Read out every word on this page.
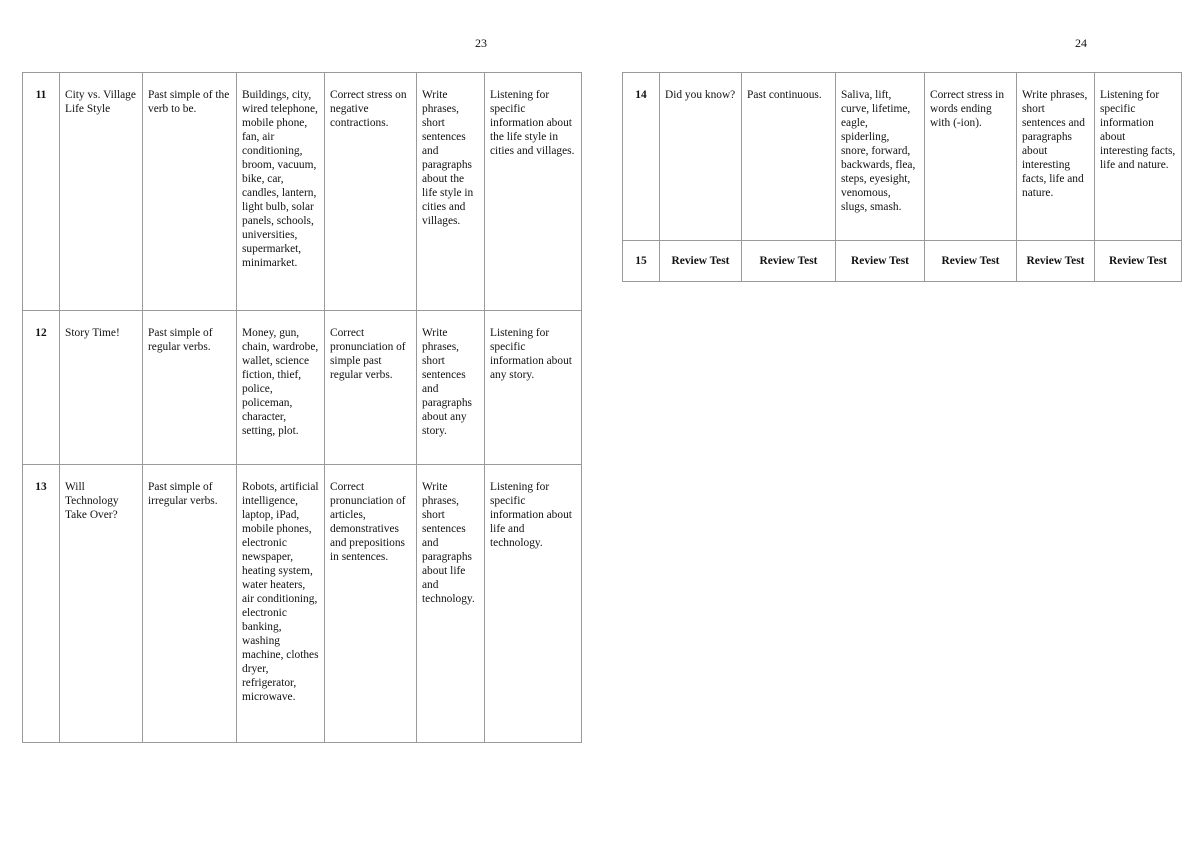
23	24
11	City vs. Village Life Style	Past simple of the verb to be.	Buildings, city, wired telephone, mobile phone, fan, air conditioning, broom, vacuum, bike, car, candles, lantern, light bulb, solar panels, schools, universities, supermarket, minimarket.	Correct stress on negative contractions.	Write phrases, short sentences and paragraphs about the life style in cities and villages.	Listening for specific information about the life style in cities and villages.
12	Story Time!	Past simple of regular verbs.	Money, gun, chain, wardrobe, wallet, science fiction, thief, police, policeman, character, setting, plot.	Correct pronunciation of simple past regular verbs.	Write phrases, short sentences and paragraphs about any story.	Listening for specific information about any story.
13	Will Technology Take Over?	Past simple of irregular verbs.	Robots, artificial intelligence, laptop, iPad, mobile phones, electronic newspaper, heating system, water heaters, air conditioning, electronic banking, washing machine, clothes dryer, refrigerator, microwave.	Correct pronunciation of articles, demonstratives and prepositions in sentences.	Write phrases, short sentences and paragraphs about life and technology.	Listening for specific information about life and technology.
14	Did you know?	Past continuous.	Saliva, lift, curve, lifetime, eagle, spiderling, snore, forward, backwards, flea, steps, eyesight, venomous, slugs, smash.	Correct stress in words ending with (-ion).	Write phrases, short sentences and paragraphs about interesting facts, life and nature.	Listening for specific information about interesting facts, life and nature.
15	Review Test	Review Test	Review Test	Review Test	Review Test	Review Test
